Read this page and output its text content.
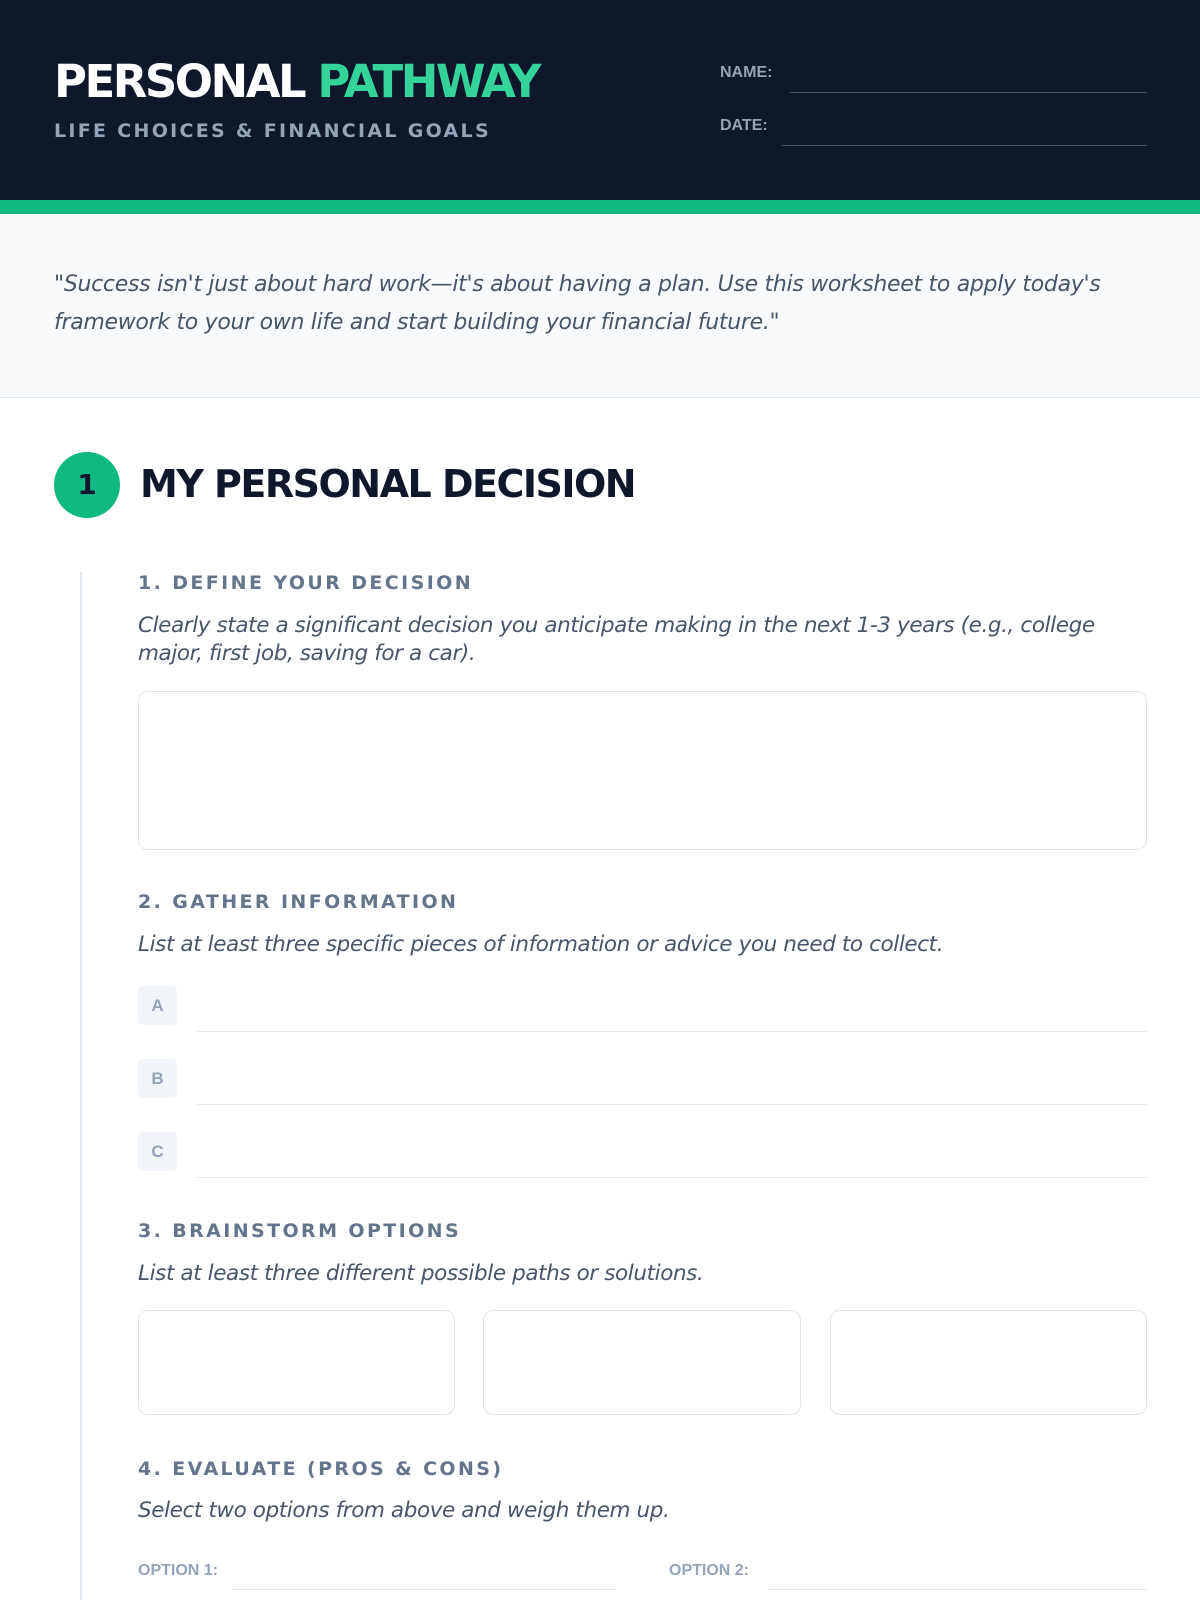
PERSONAL PATHWAY
LIFE CHOICES & FINANCIAL GOALS
NAME:
DATE:

"Success isn't just about hard work—it's about having a plan. Use this worksheet to apply today's framework to your own life and start building your financial future."

1	MY PERSONAL DECISION
1. DEFINE YOUR DECISION

Clearly state a significant decision you anticipate making in the next 1-3 years (e.g., college major, first job, saving for a car).

2. GATHER INFORMATION

List at least three specific pieces of information or advice you need to collect.

A
B
C
3. BRAINSTORM OPTIONS

List at least three different possible paths or solutions.

4. EVALUATE (PROS & CONS)

Select two options from above and weigh them up.

OPTION 1:	OPTION 2:
